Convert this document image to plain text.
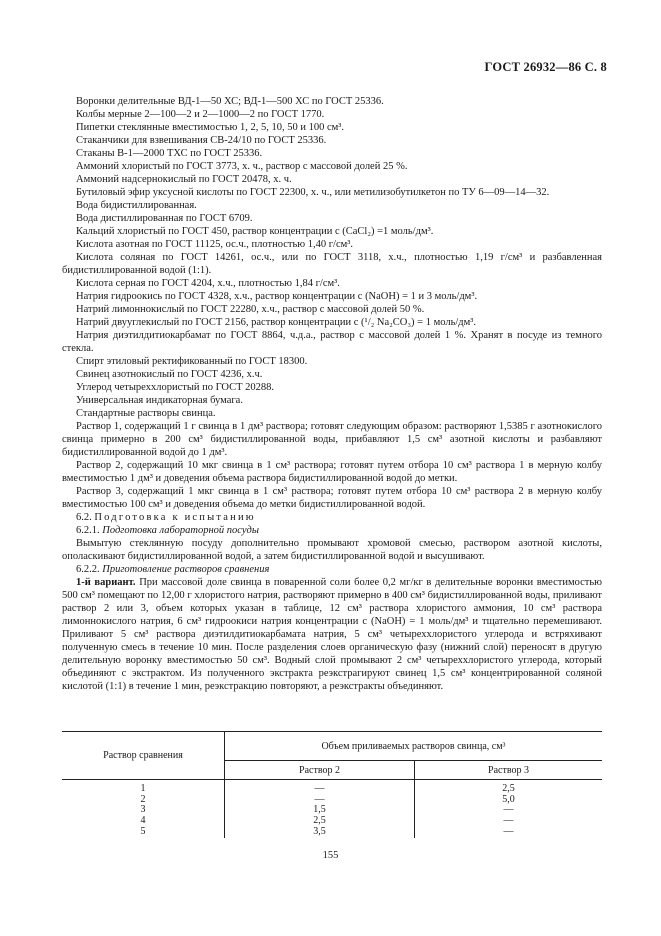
ГОСТ 26932—86 С. 8

Воронки делительные ВД-1—50 ХС; ВД-1—500 ХС по ГОСТ 25336.

Колбы мерные 2—100—2 и 2—1000—2 по ГОСТ 1770.

Пипетки стеклянные вместимостью 1, 2, 5, 10, 50 и 100 см³.

Стаканчики для взвешивания СВ-24/10 по ГОСТ 25336.

Стаканы В-1—2000 ТХС по ГОСТ 25336.

Аммоний хлористый по ГОСТ 3773, х. ч., раствор с массовой долей 25 %.

Аммоний надсернокислый по ГОСТ 20478, х. ч.

Бутиловый эфир уксусной кислоты по ГОСТ 22300, х. ч., или метилизобутилкетон по ТУ 6—09—14—32.

Вода бидистиллированная.

Вода дистиллированная по ГОСТ 6709.

Кальций хлористый по ГОСТ 450, раствор концентрации c (CaCl₂) =1 моль/дм³.

Кислота азотная по ГОСТ 11125, ос.ч., плотностью 1,40 г/см³.

Кислота соляная по ГОСТ 14261, ос.ч., или по ГОСТ 3118, х.ч., плотностью 1,19 г/см³ и разбавленная бидистиллированной водой (1:1).

Кислота серная по ГОСТ 4204, х.ч., плотностью 1,84 г/см³.

Натрия гидроокись по ГОСТ 4328, х.ч., раствор концентрации c (NaOH) = 1 и 3 моль/дм³.

Натрий лимоннокислый по ГОСТ 22280, х.ч., раствор с массовой долей 50 %.

Натрий двууглекислый по ГОСТ 2156, раствор концентрации c (¹/₂ Na₂CO₃) = 1 моль/дм³.

Натрия диэтилдитиокарбамат по ГОСТ 8864, ч.д.а., раствор с массовой долей 1 %. Хранят в посуде из темного стекла.

Спирт этиловый ректификованный по ГОСТ 18300.

Свинец азотнокислый по ГОСТ 4236, х.ч.

Углерод четыреххлористый по ГОСТ 20288.

Универсальная индикаторная бумага.

Стандартные растворы свинца.

Раствор 1, содержащий 1 г свинца в 1 дм³ раствора; готовят следующим образом: растворяют 1,5385 г азотнокислого свинца примерно в 200 см³ бидистиллированной воды, прибавляют 1,5 см³ азотной кислоты и разбавляют бидистиллированной водой до 1 дм³.

Раствор 2, содержащий 10 мкг свинца в 1 см³ раствора; готовят путем отбора 10 см³ раствора 1 в мерную колбу вместимостью 1 дм³ и доведения объема раствора бидистиллированной водой до метки.

Раствор 3, содержащий 1 мкг свинца в 1 см³ раствора; готовят путем отбора 10 см³ раствора 2 в мерную колбу вместимостью 100 см³ и доведения объема до метки бидистиллированной водой.

6.2. Подготовка к испытанию

6.2.1. Подготовка лабораторной посуды

Вымытую стеклянную посуду дополнительно промывают хромовой смесью, раствором азотной кислоты, ополаскивают бидистиллированной водой, а затем бидистиллированной водой и высушивают.

6.2.2. Приготовление растворов сравнения

1-й вариант. При массовой доле свинца в поваренной соли более 0,2 мг/кг в делительные воронки вместимостью 500 см³ помещают по 12,00 г хлористого натрия, растворяют примерно в 400 см³ бидистиллированной воды, приливают раствор 2 или 3, объем которых указан в таблице, 12 см³ раствора хлористого аммония, 10 см³ раствора лимоннокислого натрия, 6 см³ гидроокиси натрия концентрации c (NaOH) = 1 моль/дм³ и тщательно перемешивают. Приливают 5 см³ раствора диэтилдитиокарбамата натрия, 5 см³ четыреххлористого углерода и встряхивают полученную смесь в течение 10 мин. После разделения слоев органическую фазу (нижний слой) переносят в другую делительную воронку вместимостью 50 см³. Водный слой промывают 2 см³ четыреххлористого углерода, который объединяют с экстрактом. Из полученного экстракта реэкстрагируют свинец 1,5 см³ концентрированной соляной кислотой (1:1) в течение 1 мин, реэкстракцию повторяют, а реэкстракты объединяют.

Раствор сравнения	Объем приливаемых растворов свинца, см³	
	Раствор 2	Раствор 3
1	—	2,5
2	—	5,0
3	1,5	—
4	2,5	—
5	3,5	—
155
